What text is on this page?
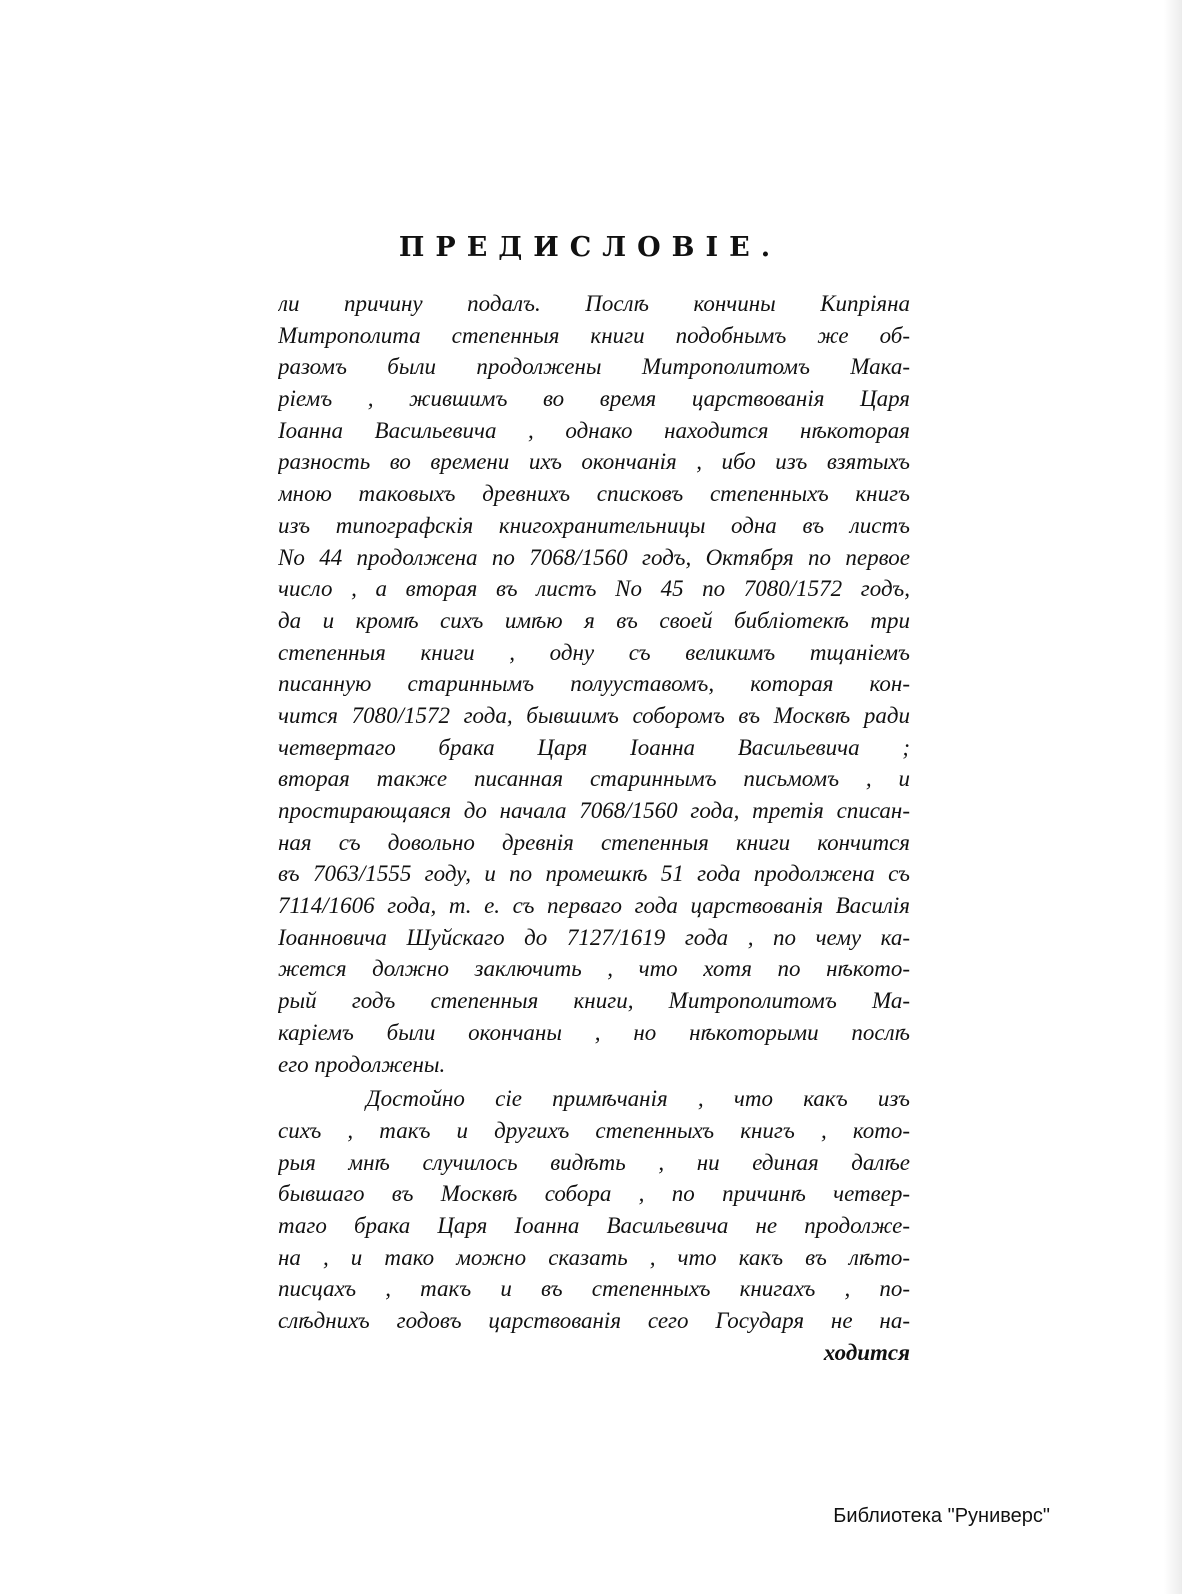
ПРЕДИСЛОВІЕ.
ли причину подалъ. Послѣ кончины Кипріяна
Митрополита степенныя книги подобнымъ же об-
разомъ были продолжены Митрополитомъ Мака-
ріемъ , жившимъ во время царствованія Царя
Іоанна Васильевича , однако находится нѣкоторая
разность во времени ихъ окончанія , ибо изъ взятыхъ
мною таковыхъ древнихъ списковъ степенныхъ книгъ
изъ типографскія книгохранительницы одна въ листъ
No 44 продолжена по 7068/1560 годъ, Октября по первое
число , а вторая въ листъ No 45 по 7080/1572 годъ,
да и кромѣ сихъ имѣю я въ своей библіотекѣ три
степенныя книги , одну съ великимъ тщаніемъ
писанную стариннымъ полууставомъ, которая кон-
чится 7080/1572 года, бывшимъ соборомъ въ Москвѣ ради
четвертаго брака Царя Іоанна Васильевича ;
вторая также писанная стариннымъ письмомъ , и
простирающаяся до начала 7068/1560 года, третія списан-
ная съ довольно древнія степенныя книги кончится
въ 7063/1555 году, и по промешкѣ 51 года продолжена съ
7114/1606 года, т. е. съ перваго года царствованія Василія
Іоанновича Шуйскаго до 7127/1619 года , по чему ка-
жется должно заключить , что хотя по нѣкото-
рый годъ степенныя книги, Митрополитомъ Ма-
каріемъ были окончаны , но нѣкоторыми послѣ
его продолжены.
Достойно сіе примѣчанія , что какъ изъ
сихъ , такъ и другихъ степенныхъ книгъ , кото-
рыя мнѣ случилось видѣть , ни единая далѣе
бывшаго въ Москвѣ собора , по причинѣ четвер-
таго брака Царя Іоанна Васильевича не продолже-
на , и тако можно сказать , что какъ въ лѣто-
писцахъ , такъ и въ степенныхъ книгахъ , по-
слѣднихъ годовъ царствованія сего Государя не на-
ходится
Библиотека "Руниверс"
